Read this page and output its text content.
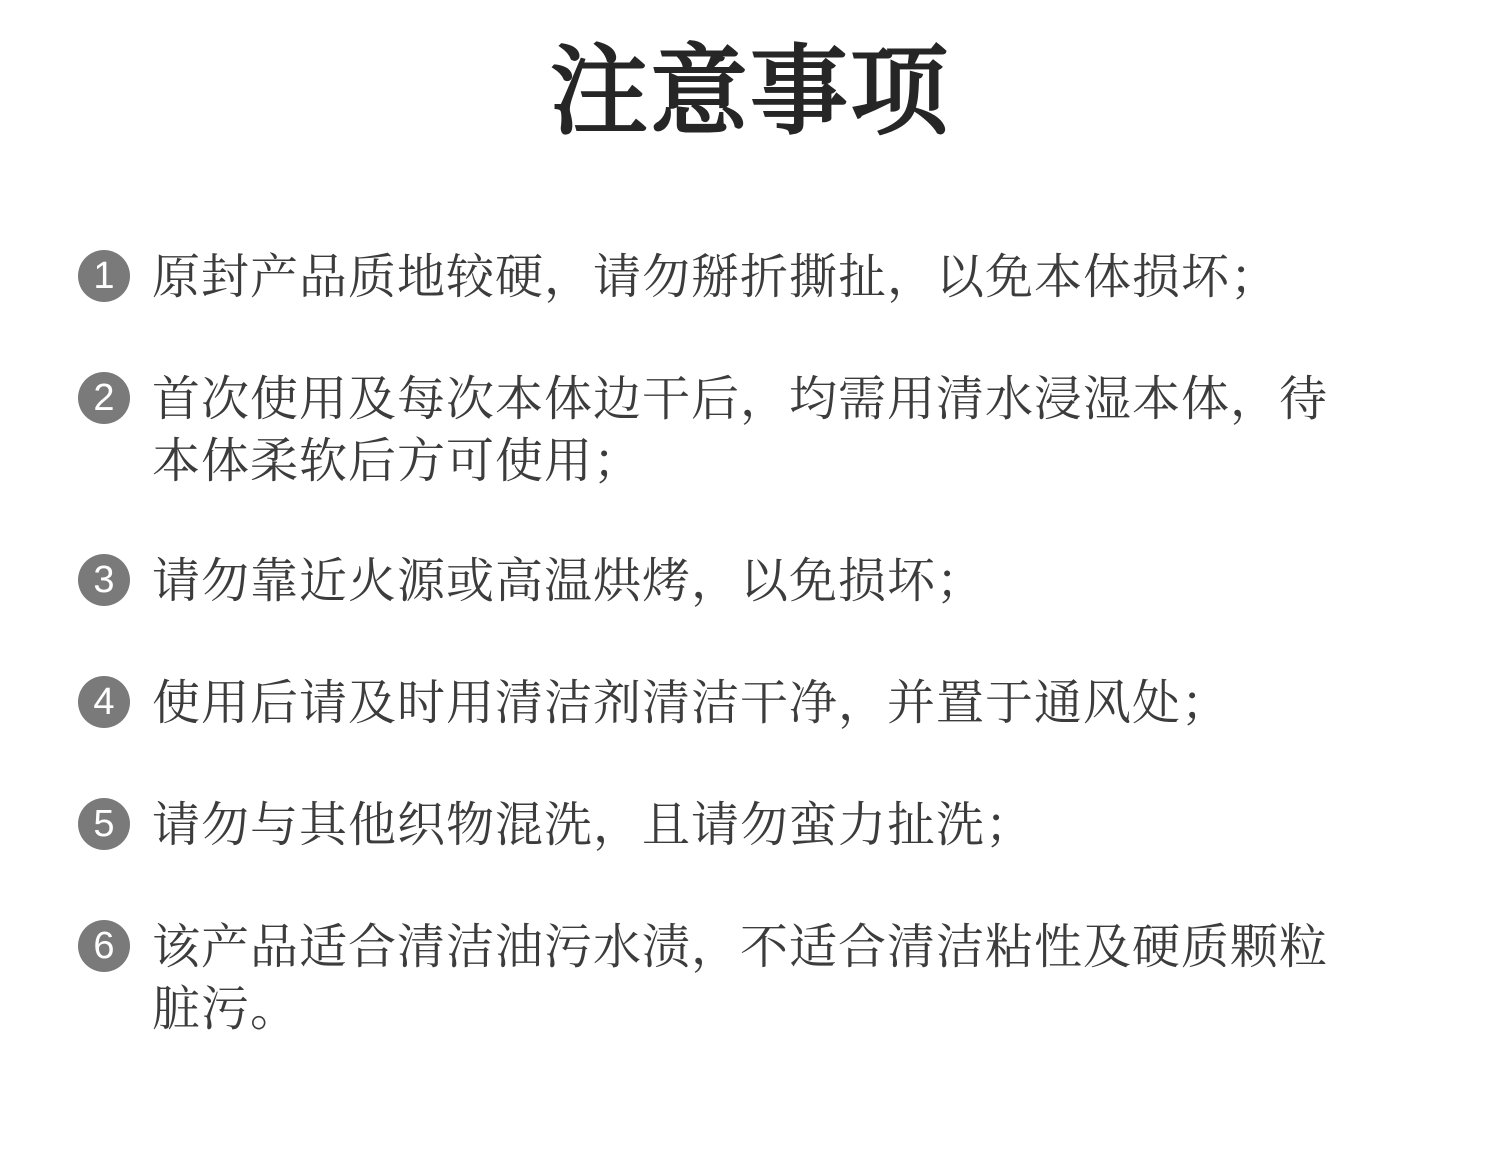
注意事项
1 原封产品质地较硬，请勿掰折撕扯，以免本体损坏；
2 首次使用及每次本体边干后，均需用清水浸湿本体，待本体柔软后方可使用；
3 请勿靠近火源或高温烘烤，以免损坏；
4 使用后请及时用清洁剂清洁干净，并置于通风处；
5 请勿与其他织物混洗，且请勿蛮力扯洗；
6 该产品适合清洁油污水渍，不适合清洁粘性及硬质颗粒脏污。
